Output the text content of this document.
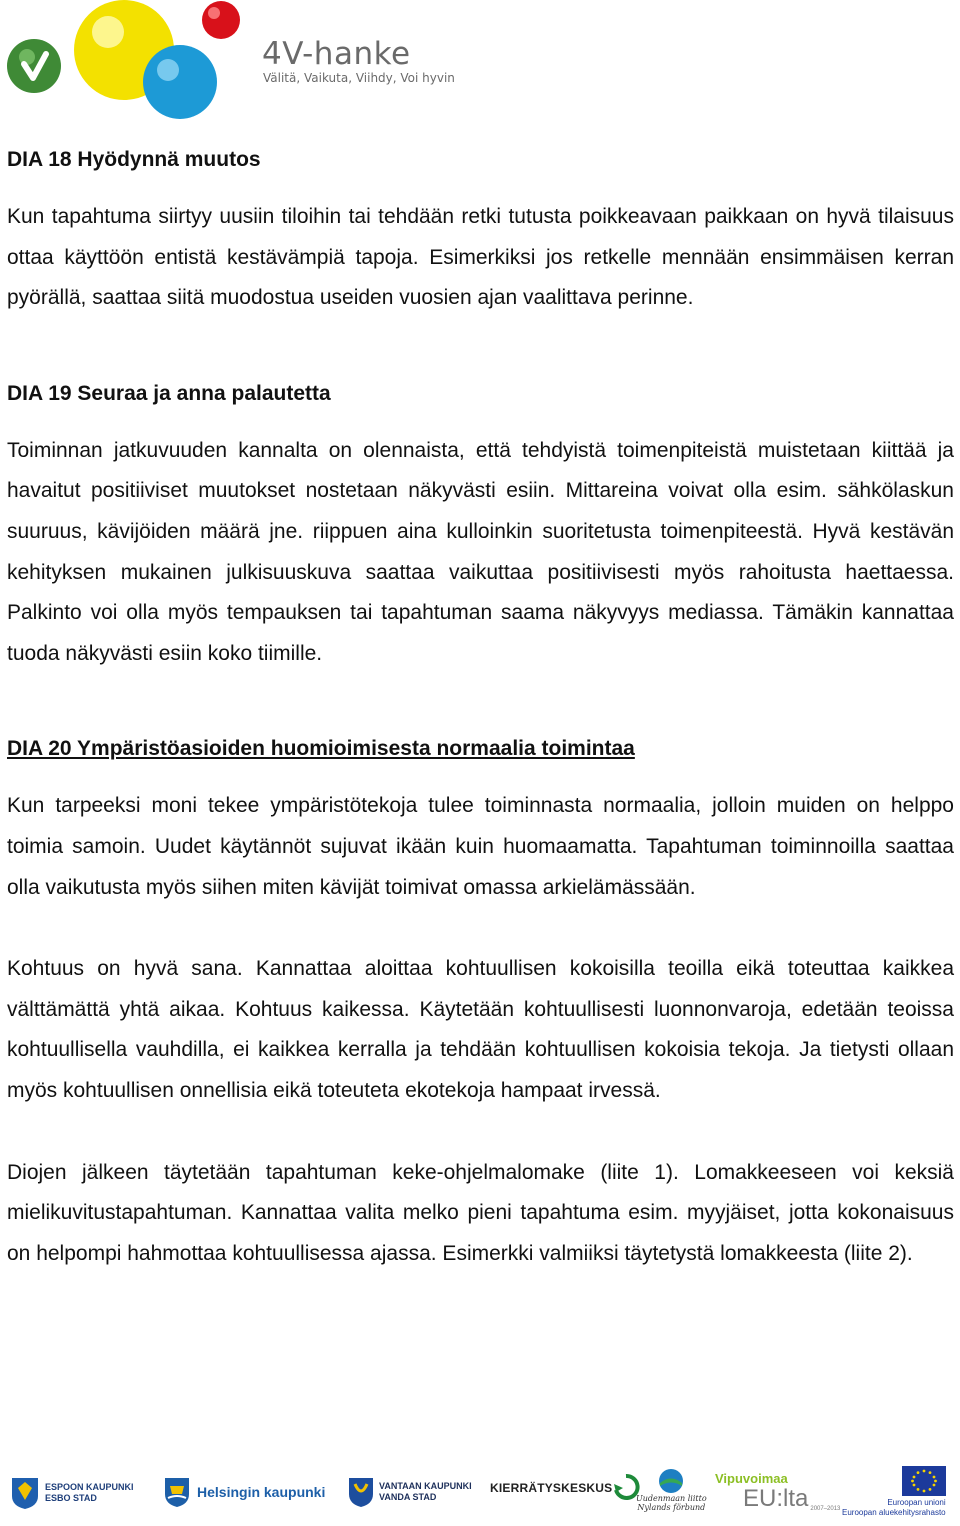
4V-hanke
Välitä, Vaikuta, Viihdy, Voi hyvin
DIA 18 Hyödynnä muutos

Kun tapahtuma siirtyy uusiin tiloihin tai tehdään retki tutusta poikkeavaan paikkaan on hyvä tilaisuus ottaa käyttöön entistä kestävämpiä tapoja. Esimerkiksi jos retkelle mennään ensimmäisen kerran pyörällä, saattaa siitä muodostua useiden vuosien ajan vaalittava perinne.

DIA 19 Seuraa ja anna palautetta

Toiminnan jatkuvuuden kannalta on olennaista, että tehdyistä toimenpiteistä muistetaan kiittää ja havaitut positiiviset muutokset nostetaan näkyvästi esiin. Mittareina voivat olla esim. sähkölaskun suuruus, kävijöiden määrä jne. riippuen aina kulloinkin suoritetusta toimenpiteestä. Hyvä kestävän kehityksen mukainen julkisuuskuva saattaa vaikuttaa positiivisesti myös rahoitusta haettaessa. Palkinto voi olla myös tempauksen tai tapahtuman saama näkyvyys mediassa. Tämäkin kannattaa tuoda näkyvästi esiin koko tiimille.

DIA 20 Ympäristöasioiden huomioimisesta normaalia toimintaa

Kun tarpeeksi moni tekee ympäristötekoja tulee toiminnasta normaalia, jolloin muiden on helppo toimia samoin. Uudet käytännöt sujuvat ikään kuin huomaamatta. Tapahtuman toiminnoilla saattaa olla vaikutusta myös siihen miten kävijät toimivat omassa arkielämässään.

Kohtuus on hyvä sana. Kannattaa aloittaa kohtuullisen kokoisilla teoilla eikä toteuttaa kaikkea välttämättä yhtä aikaa. Kohtuus kaikessa. Käytetään kohtuullisesti luonnonvaroja, edetään teoissa kohtuullisella vauhdilla, ei kaikkea kerralla ja tehdään kohtuullisen kokoisia tekoja. Ja tietysti ollaan myös kohtuullisen onnellisia eikä toteuteta ekotekoja hampaat irvessä.

Diojen jälkeen täytetään tapahtuman keke-ohjelmalomake (liite 1). Lomakkeeseen voi keksiä mielikuvitustapahtuman. Kannattaa valita melko pieni tapahtuma esim. myyjäiset, jotta kokonaisuus on helpompi hahmottaa kohtuullisessa ajassa. Esimerkki valmiiksi täytetystä lomakkeesta (liite 2).

ESPOON KAUPUNKI
ESBO STAD	Helsingin kaupunki	VANTAAN KAUPUNKI
VANDA STAD
KIERRÄTYSKESKUS
Uudenmaan liitto
Nylands förbund
Vipuvoimaa
EU:lta 2007–2013
Euroopan unioni
Euroopan aluekehitysrahasto
